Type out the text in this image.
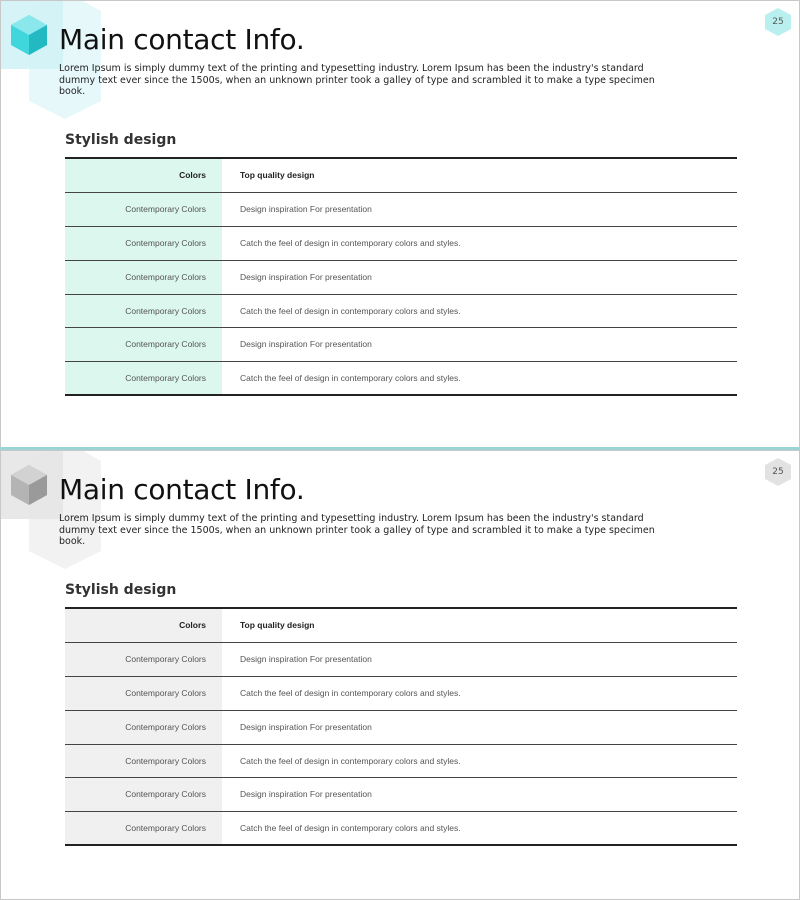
25
Main contact Info.
Lorem Ipsum is simply dummy text of the printing and typesetting industry. Lorem Ipsum has been the industry's standard dummy text ever since the 1500s, when an unknown printer took a galley of type and scrambled it to make a type specimen book.
Stylish design
Colors	Top quality design
Contemporary Colors	Design inspiration For presentation
Contemporary Colors	Catch the feel of design in contemporary colors and styles.
Contemporary Colors	Design inspiration For presentation
Contemporary Colors	Catch the feel of design in contemporary colors and styles.
Contemporary Colors	Design inspiration For presentation
Contemporary Colors	Catch the feel of design in contemporary colors and styles.
25
Main contact Info.
Lorem Ipsum is simply dummy text of the printing and typesetting industry. Lorem Ipsum has been the industry's standard dummy text ever since the 1500s, when an unknown printer took a galley of type and scrambled it to make a type specimen book.
Stylish design
Colors	Top quality design
Contemporary Colors	Design inspiration For presentation
Contemporary Colors	Catch the feel of design in contemporary colors and styles.
Contemporary Colors	Design inspiration For presentation
Contemporary Colors	Catch the feel of design in contemporary colors and styles.
Contemporary Colors	Design inspiration For presentation
Contemporary Colors	Catch the feel of design in contemporary colors and styles.
